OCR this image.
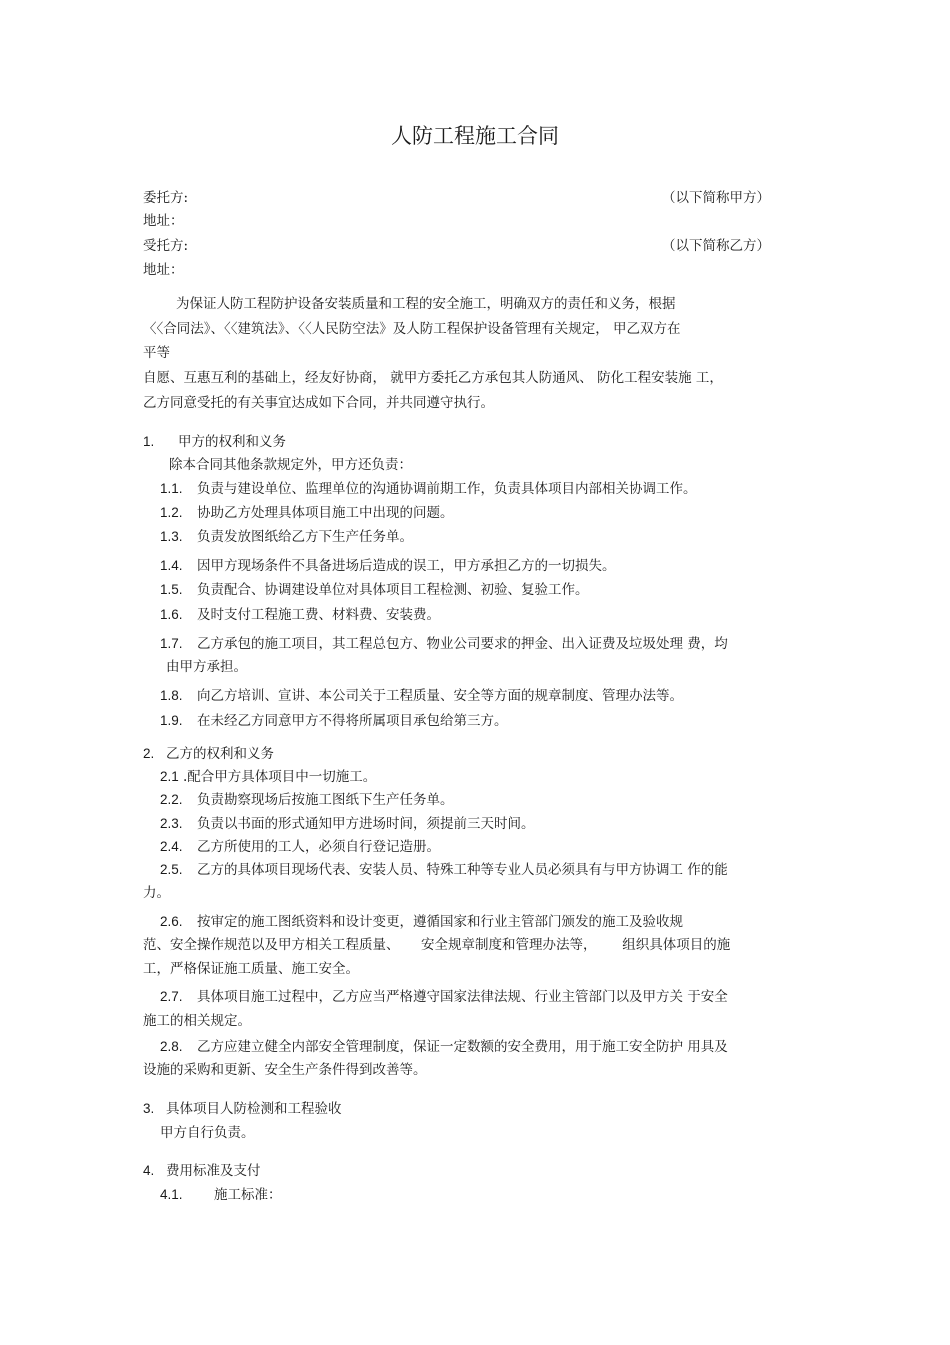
人防工程施工合同
委托方:	（以下简称甲方）
地址：
受托方:	（以下简称乙方）
地址：
为保证人防工程防护设备安装质量和工程的安全施工，明确双方的责任和义务，根据
〈〈合同法》、〈〈建筑法》、〈〈人民防空法》及人防工程保护设备管理有关规定， 甲乙双方在
平等
自愿、互惠互利的基础上，经友好协商， 就甲方委托乙方承包其人防通风、 防化工程安装施 工，
乙方同意受托的有关事宜达成如下合同，并共同遵守执行。
1. 甲方的权利和义务
除本合同其他条款规定外，甲方还负责：
1.1. 负责与建设单位、监理单位的沟通协调前期工作，负责具体项目内部相关协调工作。
1.2. 协助乙方处理具体项目施工中出现的问题。
1.3. 负责发放图纸给乙方下生产任务单。
1.4. 因甲方现场条件不具备进场后造成的误工，甲方承担乙方的一切损失。
1.5. 负责配合、协调建设单位对具体项目工程检测、初验、复验工作。
1.6. 及时支付工程施工费、材料费、安装费。
1.7. 乙方承包的施工项目，其工程总包方、物业公司要求的押金、出入证费及垃圾处理 费，均
由甲方承担。
1.8. 向乙方培训、宣讲、本公司关于工程质量、安全等方面的规章制度、管理办法等。
1.9. 在未经乙方同意甲方不得将所属项目承包给第三方。
2. 乙方的权利和义务
2.1 .配合甲方具体项目中一切施工。
2.2. 负责勘察现场后按施工图纸下生产任务单。
2.3. 负责以书面的形式通知甲方进场时间，须提前三天时间。
2.4. 乙方所使用的工人，必须自行登记造册。
2.5. 乙方的具体项目现场代表、安装人员、特殊工种等专业人员必须具有与甲方协调工 作的能
力。
2.6. 按审定的施工图纸资料和设计变更，遵循国家和行业主管部门颁发的施工及验收规
范、安全操作规范以及甲方相关工程质量、     安全规章制度和管理办法等，      组织具体项目的施
工，严格保证施工质量、施工安全。
2.7. 具体项目施工过程中，乙方应当严格遵守国家法律法规、行业主管部门以及甲方关 于安全
施工的相关规定。
2.8. 乙方应建立健全内部安全管理制度，保证一定数额的安全费用，用于施工安全防护 用具及
设施的采购和更新、安全生产条件得到改善等。
3. 具体项目人防检测和工程验收
甲方自行负责。
4. 费用标准及支付
4.1. 施工标准：
